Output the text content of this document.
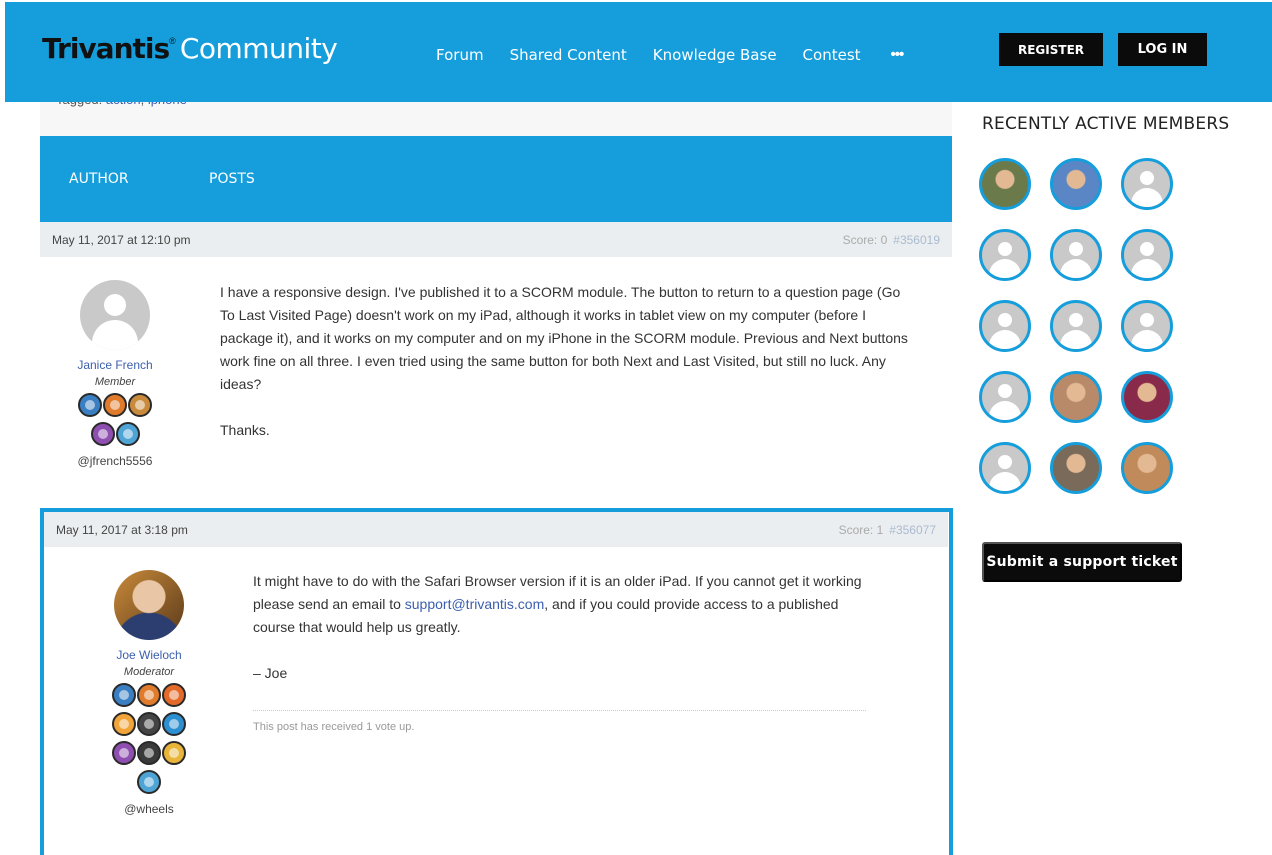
Trivantis ® Community	Forum Shared Content Knowledge Base Contest •••	REGISTER	LOG IN
AUTHOR	POSTS
May 11, 2017 at 12:10 pm	Score: 0 #356019
Janice French
Member
@jfrench5556

I have a responsive design. I've published it to a SCORM module. The button to return to a question page (Go To Last Visited Page) doesn't work on my iPad, although it works in tablet view on my computer (before I package it), and it works on my computer and on my iPhone in the SCORM module. Previous and Next buttons work fine on all three. I even tried using the same button for both Next and Last Visited, but still no luck. Any ideas?

Thanks.

May 11, 2017 at 3:18 pm	Score: 1 #356077
Joe Wieloch
Moderator
@wheels

It might have to do with the Safari Browser version if it is an older iPad. If you cannot get it working please send an email to support@trivantis.com, and if you could provide access to a published course that would help us greatly.

– Joe

This post has received 1 vote up.
RECENTLY ACTIVE MEMBERS
Submit a support ticket
